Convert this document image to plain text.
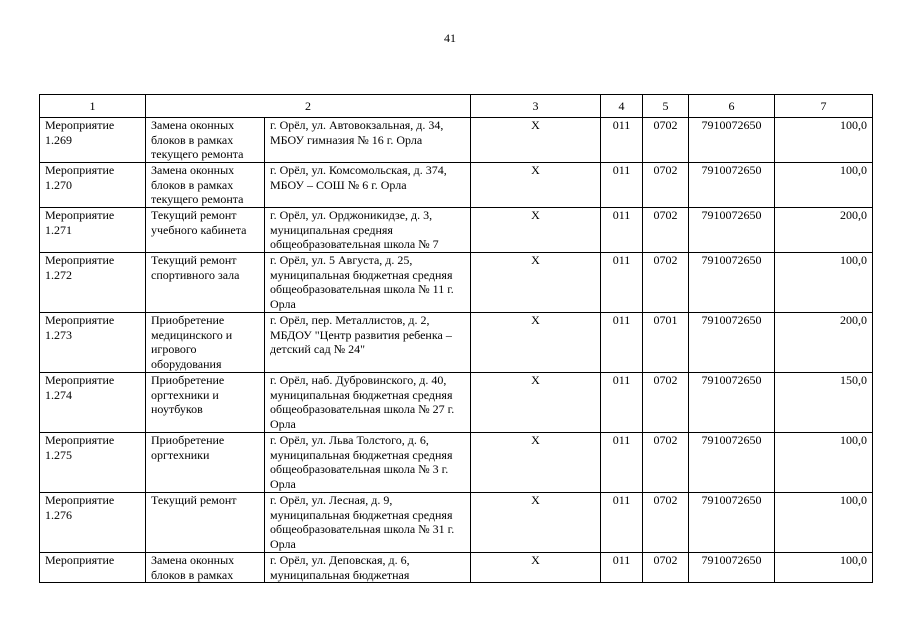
41
1	2		3	4	5	6	7
Мероприятие 1.269	Замена оконных блоков в рамках текущего ремонта	г. Орёл, ул. Автовокзальная, д. 34, МБОУ гимназия № 16 г. Орла	Х	011	0702	7910072650	100,0
Мероприятие 1.270	Замена оконных блоков в рамках текущего ремонта	г. Орёл, ул. Комсомольская, д. 374, МБОУ – СОШ № 6 г. Орла	Х	011	0702	7910072650	100,0
Мероприятие 1.271	Текущий ремонт учебного кабинета	г. Орёл, ул. Орджоникидзе, д. 3, муниципальная средняя общеобразовательная школа № 7	Х	011	0702	7910072650	200,0
Мероприятие 1.272	Текущий ремонт спортивного зала	г. Орёл, ул. 5 Августа, д. 25, муниципальная бюджетная средняя общеобразовательная школа № 11 г. Орла	Х	011	0702	7910072650	100,0
Мероприятие 1.273	Приобретение медицинского и игрового оборудования	г. Орёл, пер. Металлистов, д. 2, МБДОУ "Центр развития ребенка – детский сад № 24"	Х	011	0701	7910072650	200,0
Мероприятие 1.274	Приобретение оргтехники и ноутбуков	г. Орёл, наб. Дубровинского, д. 40, муниципальная бюджетная средняя общеобразовательная школа № 27 г. Орла	Х	011	0702	7910072650	150,0
Мероприятие 1.275	Приобретение оргтехники	г. Орёл, ул. Льва Толстого, д. 6, муниципальная бюджетная средняя общеобразовательная школа № 3 г. Орла	Х	011	0702	7910072650	100,0
Мероприятие 1.276	Текущий ремонт	г. Орёл, ул. Лесная, д. 9, муниципальная бюджетная средняя общеобразовательная школа № 31 г. Орла	Х	011	0702	7910072650	100,0
Мероприятие	Замена оконных блоков в рамках	г. Орёл, ул. Деповская, д. 6, муниципальная бюджетная	Х	011	0702	7910072650	100,0
